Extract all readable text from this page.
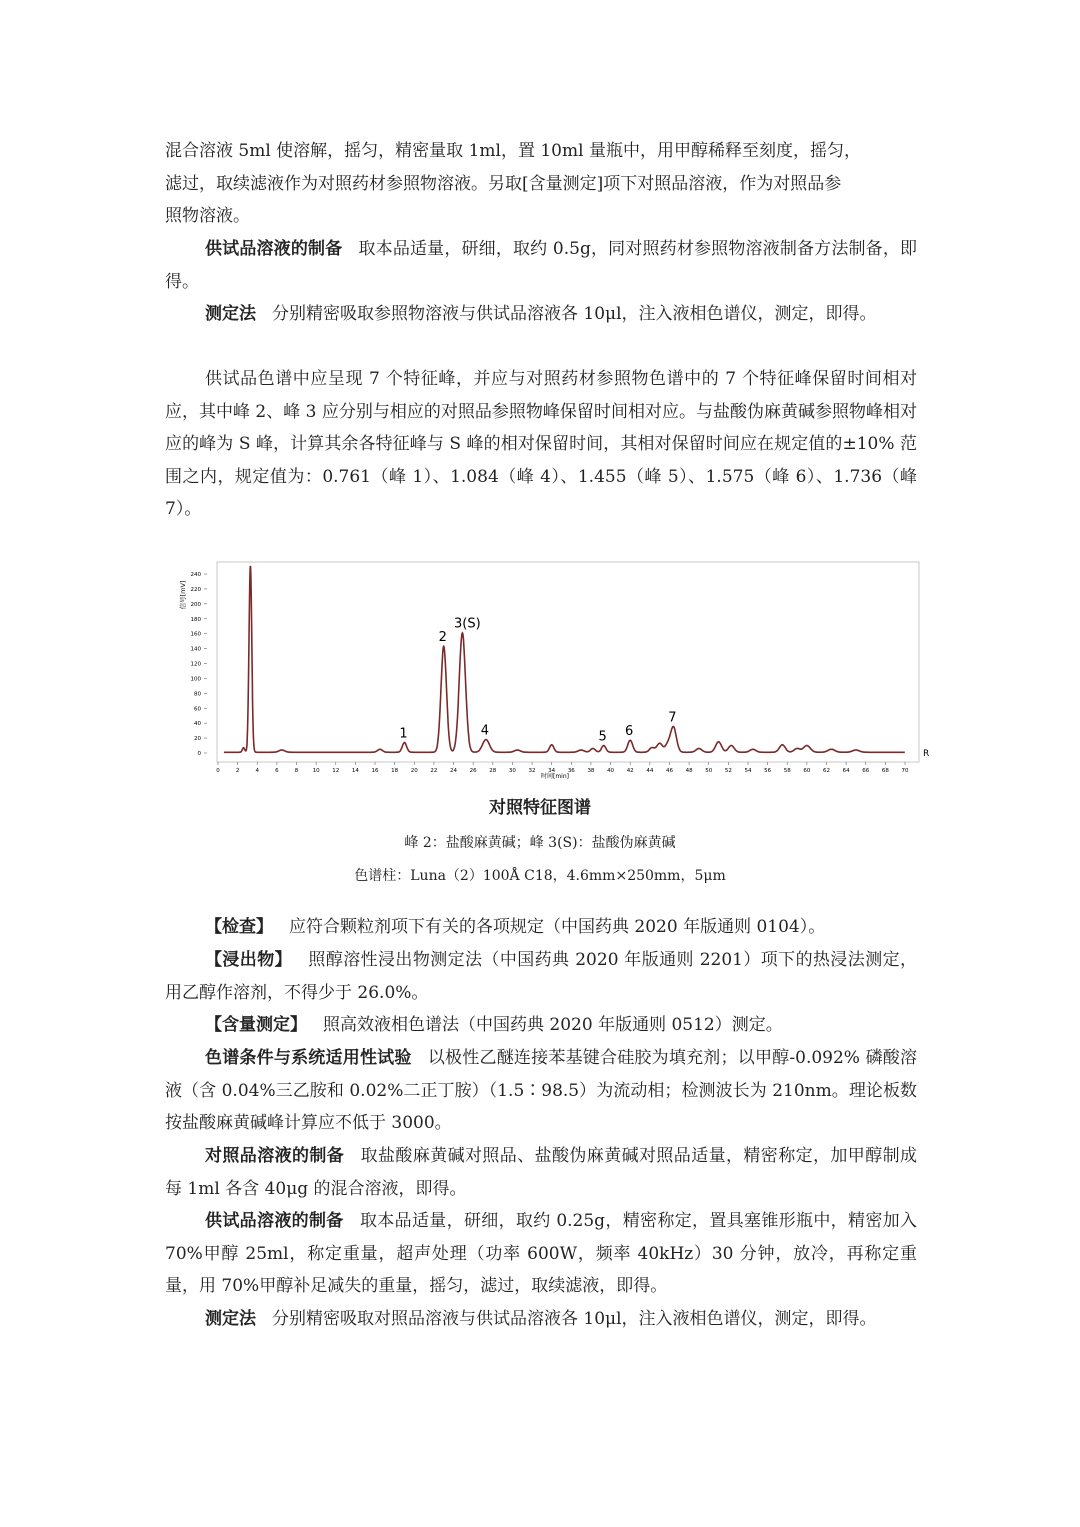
混合溶液 5ml 使溶解，摇匀，精密量取 1ml，置 10ml 量瓶中，用甲醇稀释至刻度，摇匀，
滤过，取续滤液作为对照药材参照物溶液。另取[含量测定]项下对照品溶液，作为对照品参
照物溶液。

供试品溶液的制备 取本品适量，研细，取约 0.5g，同对照药材参照物溶液制备方法制备，即得。

测定法 分别精密吸取参照物溶液与供试品溶液各 10μl，注入液相色谱仪，测定，即得。

供试品色谱中应呈现 7 个特征峰，并应与对照药材参照物色谱中的 7 个特征峰保留时间相对应，其中峰 2、峰 3 应分别与相应的对照品参照物峰保留时间相对应。与盐酸伪麻黄碱参照物峰相对应的峰为 S 峰，计算其余各特征峰与 S 峰的相对保留时间，其相对保留时间应在规定值的±10% 范围之内，规定值为：0.761（峰 1）、1.084（峰 4）、1.455（峰 5）、1.575（峰 6）、1.736（峰 7）。

0
20
40
60
80
100
120
140
160
180
200
220
240
0	2	4	6	8	10 12 14 16 18 20 22 24 26 28 30 32 34 36 38 40 42 44 46 48 50 52 54 56 58 60 62 64 66 68 70
1
2
3(S)
4	5 6
7
信号[mV]
时间[min]
R
对照特征图谱
峰 2：盐酸麻黄碱；峰 3(S)：盐酸伪麻黄碱
色谱柱：Luna（2）100Å C18，4.6mm×250mm，5μm

【检查】 应符合颗粒剂项下有关的各项规定（中国药典 2020 年版通则 0104）。

【浸出物】 照醇溶性浸出物测定法（中国药典 2020 年版通则 2201）项下的热浸法测定，用乙醇作溶剂，不得少于 26.0%。

【含量测定】 照高效液相色谱法（中国药典 2020 年版通则 0512）测定。

色谱条件与系统适用性试验 以极性乙醚连接苯基键合硅胶为填充剂；以甲醇-0.092% 磷酸溶液（含 0.04%三乙胺和 0.02%二正丁胺）（1.5∶98.5）为流动相；检测波长为 210nm。理论板数按盐酸麻黄碱峰计算应不低于 3000。

对照品溶液的制备 取盐酸麻黄碱对照品、盐酸伪麻黄碱对照品适量，精密称定，加甲醇制成每 1ml 各含 40μg 的混合溶液，即得。

供试品溶液的制备 取本品适量，研细，取约 0.25g，精密称定，置具塞锥形瓶中，精密加入 70%甲醇 25ml，称定重量，超声处理（功率 600W，频率 40kHz）30 分钟，放冷，再称定重量，用 70%甲醇补足减失的重量，摇匀，滤过，取续滤液，即得。

测定法 分别精密吸取对照品溶液与供试品溶液各 10μl，注入液相色谱仪，测定，即得。
